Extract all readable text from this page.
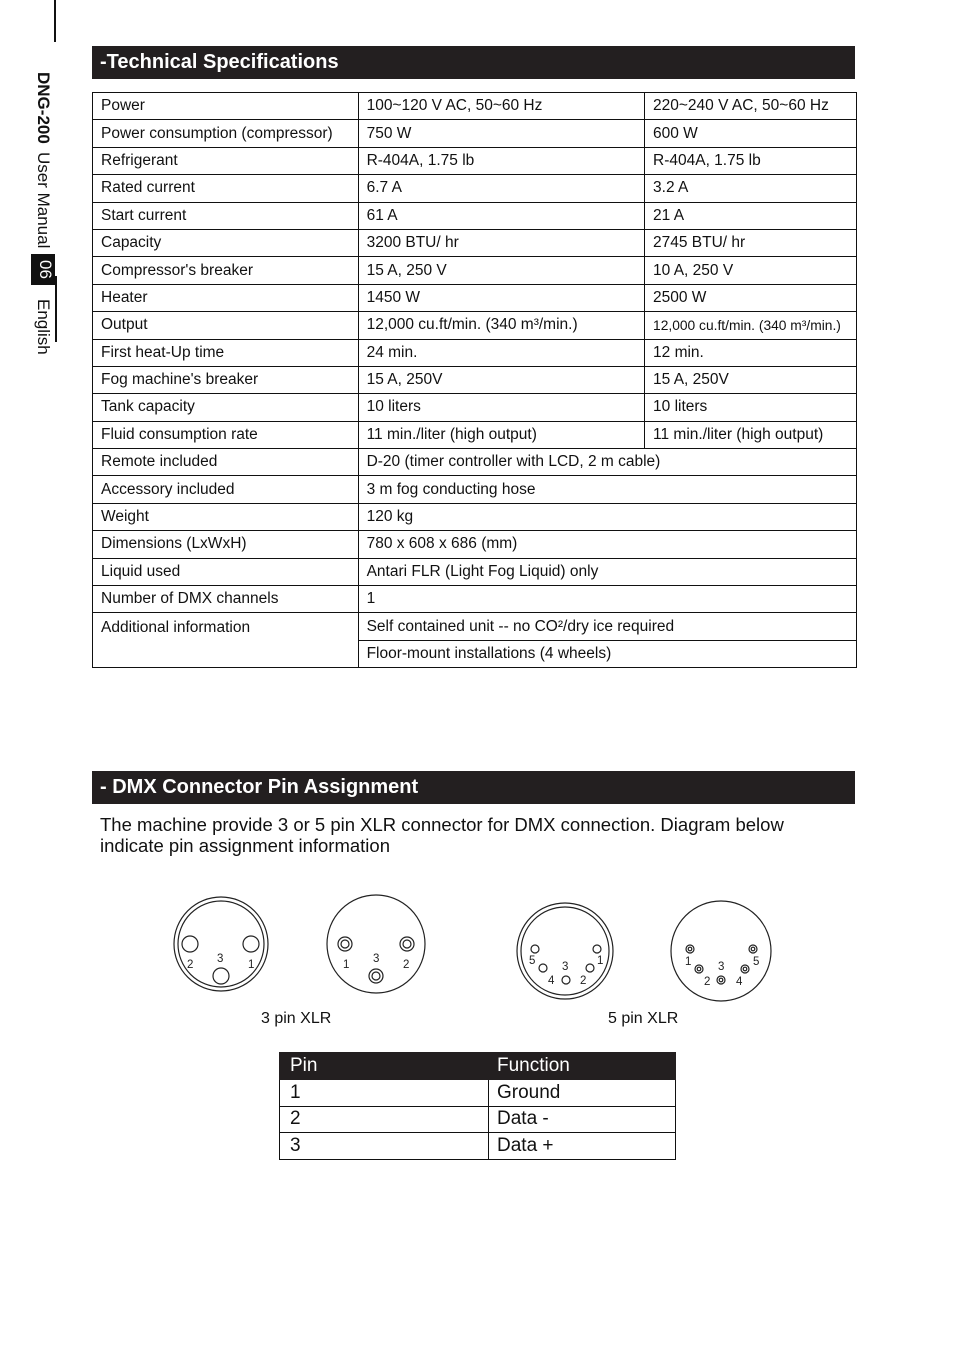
DNG-200
User Manual
06
English
-Technical Specifications
Power	100~120 V AC, 50~60 Hz	220~240 V AC, 50~60 Hz
Power consumption (compressor)	750 W	600 W
Refrigerant	R-404A, 1.75 lb	R-404A, 1.75 lb
Rated current	6.7 A	3.2 A
Start current	61 A	21 A
Capacity	3200 BTU/ hr	2745 BTU/ hr
Compressor's breaker	15 A, 250 V	10 A, 250 V
Heater	1450 W	2500 W
Output	12,000 cu.ft/min. (340 m³/min.)	12,000 cu.ft/min. (340 m³/min.)
First heat-Up time	24 min.	12 min.
Fog machine's breaker	15 A, 250V	15 A, 250V
Tank capacity	10 liters	10 liters
Fluid consumption rate	11 min./liter (high output)	11 min./liter (high output)
Remote included	D-20 (timer controller with LCD, 2 m cable)	
Accessory included	3 m fog conducting hose	
Weight	120 kg	
Dimensions (LxWxH)	780 x 608 x 686 (mm)	
Liquid used	Antari FLR (Light Fog Liquid) only	
Number of DMX channels	1	
Additional information	Self contained unit -- no CO²/dry ice required	
	Floor-mount installations (4 wheels)	
- DMX Connector Pin Assignment
The machine provide 3 or 5 pin XLR connector for DMX connection. Diagram below indicate pin assignment information
2 3 1	1 3 2	5 3 1
4 2
1 3 5
2 4
3 pin XLR	5 pin XLR
Pin	Function
1	Ground
2	Data -
3	Data +
